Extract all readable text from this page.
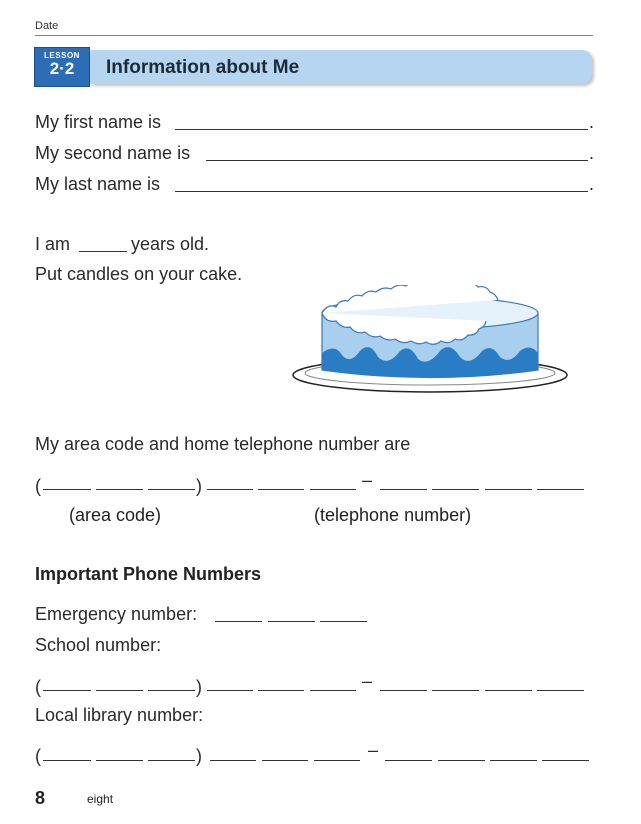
Date
LESSON
2·2	Information about Me
My first name is	.
My second name is	.
My last name is	.
I am	years old.
Put candles on your cake.
My area code and home telephone number are
(	)	–
(area code)	(telephone number)
Important Phone Numbers
Emergency number:
School number:
(	)	–
Local library number:
(	)	–
8	eight
